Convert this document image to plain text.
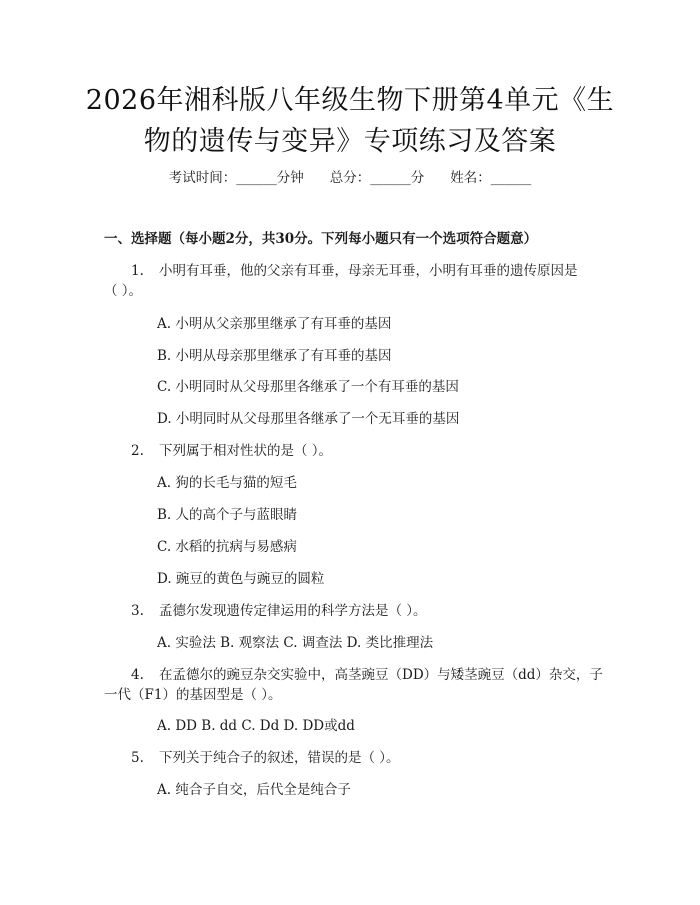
2026年湘科版八年级生物下册第4单元《生
物的遗传与变异》专项练习及答案
考试时间：______分钟 总分：______分 姓名：______
一、选择题（每小题2分，共30分。下列每小题只有一个选项符合题意）
1. 小明有耳垂，他的父亲有耳垂，母亲无耳垂，小明有耳垂的遗传原因是
（ ）。
A. 小明从父亲那里继承了有耳垂的基因
B. 小明从母亲那里继承了有耳垂的基因
C. 小明同时从父母那里各继承了一个有耳垂的基因
D. 小明同时从父母那里各继承了一个无耳垂的基因
2. 下列属于相对性状的是（ ）。
A. 狗的长毛与猫的短毛
B. 人的高个子与蓝眼睛
C. 水稻的抗病与易感病
D. 豌豆的黄色与豌豆的圆粒
3. 孟德尔发现遗传定律运用的科学方法是（ ）。
A. 实验法 B. 观察法 C. 调查法 D. 类比推理法
4. 在孟德尔的豌豆杂交实验中，高茎豌豆（DD）与矮茎豌豆（dd）杂交，子
一代（F1）的基因型是（ ）。
A. DD B. dd C. Dd D. DD或dd
5. 下列关于纯合子的叙述，错误的是（ ）。
A. 纯合子自交，后代全是纯合子
